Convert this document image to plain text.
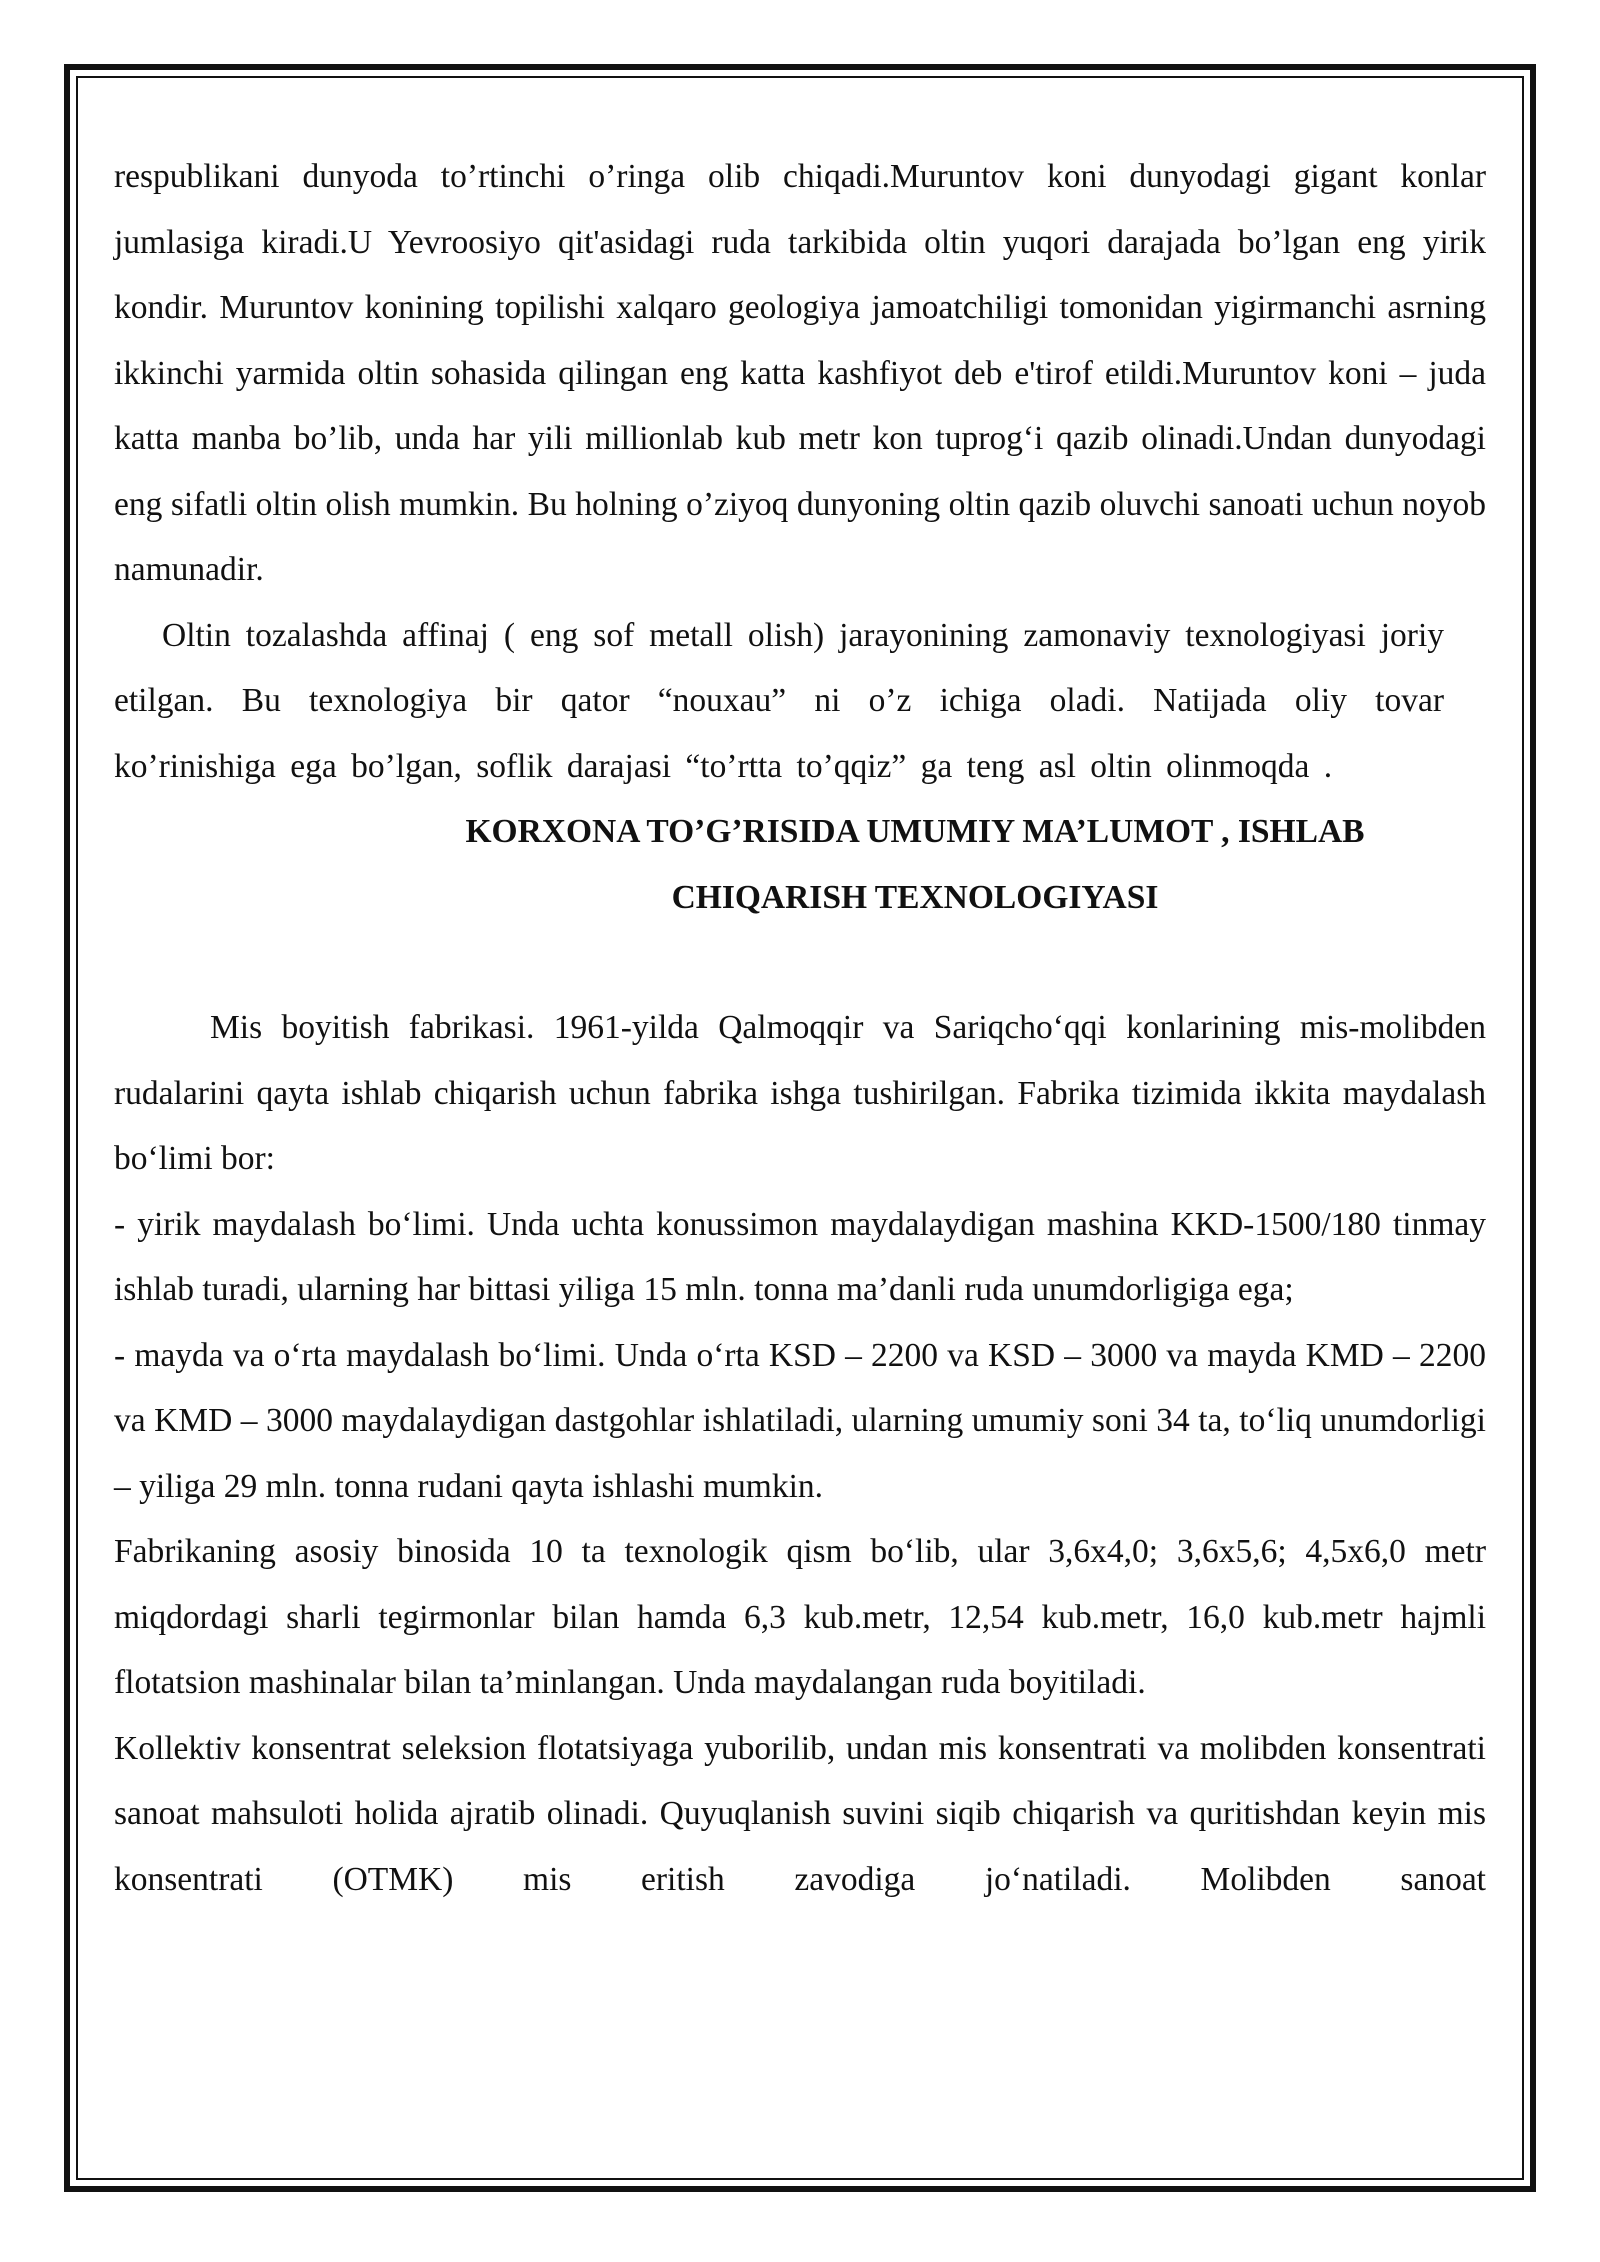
respublikani dunyoda to’rtinchi o’ringa olib chiqadi.Muruntov koni dunyodagi gigant konlar jumlasiga kiradi.U Yevroosiyo qit'asidagi ruda tarkibida oltin yuqori darajada bo’lgan eng yirik kondir. Muruntov konining topilishi xalqaro geologiya jamoatchiligi tomonidan yigirmanchi asrning ikkinchi yarmida oltin sohasida qilingan eng katta kashfiyot deb e'tirof etildi.Muruntov koni – juda katta manba bo’lib, unda har yili millionlab kub metr kon tuprog‘i qazib olinadi.Undan dunyodagi eng sifatli oltin olish mumkin. Bu holning o’ziyoq dunyoning oltin qazib oluvchi sanoati uchun noyob namunadir.

Oltin tozalashda affinaj ( eng sof metall olish) jarayonining zamonaviy texnologiyasi joriy etilgan. Bu texnologiya bir qator “nouxau” ni o’z ichiga oladi. Natijada oliy tovar ko’rinishiga ega bo’lgan, soflik darajasi “to’rtta to’qqiz” ga teng asl oltin olinmoqda .

KORXONA TO’G’RISIDA UMUMIY MA’LUMOT , ISHLAB
CHIQARISH TEXNOLOGIYASI

Mis boyitish fabrikasi. 1961-yilda Qalmoqqir va Sariqcho‘qqi konlarining mis-molibden rudalarini qayta ishlab chiqarish uchun fabrika ishga tushirilgan. Fabrika tizimida ikkita maydalash bo‘limi bor:

- yirik maydalash bo‘limi. Unda uchta konussimon maydalaydigan mashina KKD-1500/180 tinmay ishlab turadi, ularning har bittasi yiliga 15 mln. tonna ma’danli ruda unumdorligiga ega;

- mayda va o‘rta maydalash bo‘limi. Unda o‘rta KSD – 2200 va KSD – 3000 va mayda KMD – 2200 va KMD – 3000 maydalaydigan dastgohlar ishlatiladi, ularning umumiy soni 34 ta, to‘liq unumdorligi – yiliga 29 mln. tonna rudani qayta ishlashi mumkin.

Fabrikaning asosiy binosida 10 ta texnologik qism bo‘lib, ular 3,6x4,0; 3,6x5,6; 4,5x6,0 metr miqdordagi sharli tegirmonlar bilan hamda 6,3 kub.metr, 12,54 kub.metr, 16,0 kub.metr hajmli flotatsion mashinalar bilan ta’minlangan. Unda maydalangan ruda boyitiladi.

Kollektiv konsentrat seleksion flotatsiyaga yuborilib, undan mis konsentrati va molibden konsentrati sanoat mahsuloti holida ajratib olinadi. Quyuqlanish suvini siqib chiqarish va quritishdan keyin mis konsentrati (OTMK) mis eritish zavodiga jo‘natiladi. Molibden sanoat
